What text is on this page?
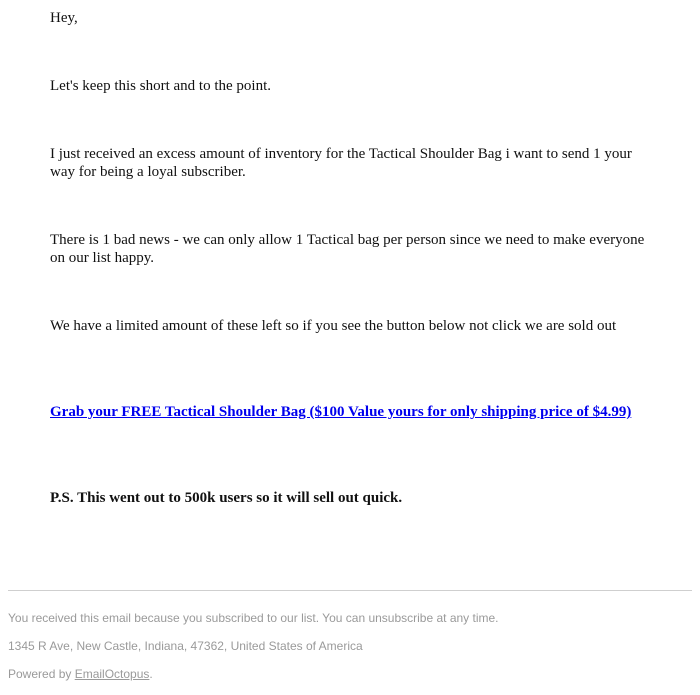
Hey,

Let's keep this short and to the point.

I just received an excess amount of inventory for the Tactical Shoulder Bag i want to send 1 your way for being a loyal subscriber.

There is 1 bad news - we can only allow 1 Tactical bag per person since we need to make everyone on our list happy.

We have a limited amount of these left so if you see the button below not click we are sold out

Grab your FREE Tactical Shoulder Bag ($100 Value yours for only shipping price of $4.99)

P.S. This went out to 500k users so it will sell out quick.

You received this email because you subscribed to our list. You can unsubscribe at any time.
1345 R Ave, New Castle, Indiana, 47362, United States of America
Powered by EmailOctopus.
